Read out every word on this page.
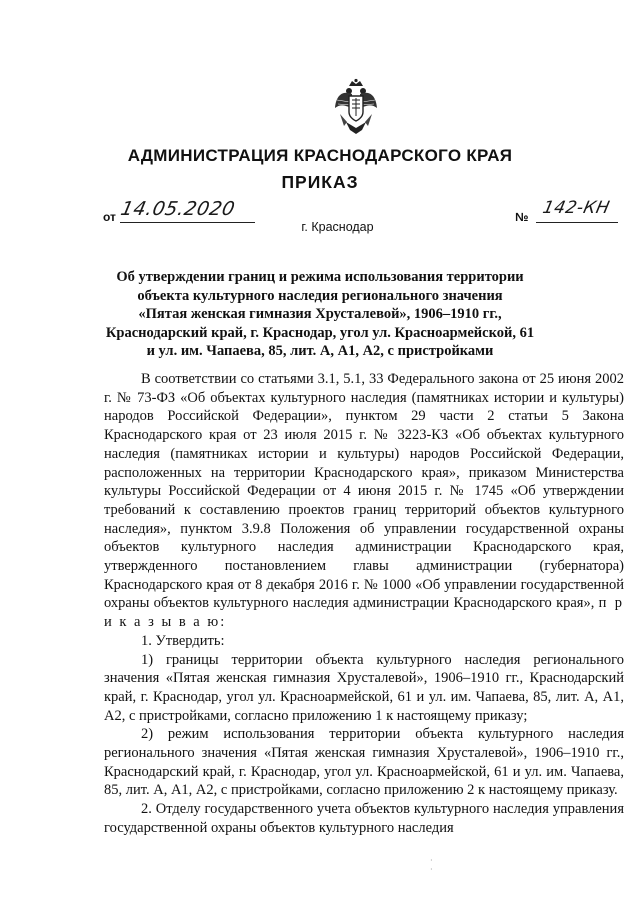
АДМИНИСТРАЦИЯ КРАСНОДАРСКОГО КРАЯ
ПРИКАЗ
от 14.05.2020	№ 142-КН
г. Краснодар
Об утверждении границ и режима использования территории
объекта культурного наследия регионального значения
«Пятая женская гимназия Хрусталевой», 1906–1910 гг.,
Краснодарский край, г. Краснодар, угол ул. Красноармейской, 61
и ул. им. Чапаева, 85, лит. А, А1, А2, с пристройками
В соответствии со статьями 3.1, 5.1, 33 Федерального закона от 25 июня 2002 г. № 73-ФЗ «Об объектах культурного наследия (памятниках истории и культуры) народов Российской Федерации», пунктом 29 части 2 статьи 5 Закона Краснодарского края от 23 июля 2015 г. № 3223-КЗ «Об объектах культурного наследия (памятниках истории и культуры) народов Российской Федерации, расположенных на территории Краснодарского края», приказом Министерства культуры Российской Федерации от 4 июня 2015 г. № 1745 «Об утверждении требований к составлению проектов границ территорий объектов культурного наследия», пунктом 3.9.8 Положения об управлении государственной охраны объектов культурного наследия администрации Краснодарского края, утвержденного постановлением главы администрации (губернатора) Краснодарского края от 8 декабря 2016 г. № 1000 «Об управлении государственной охраны объектов культурного наследия администрации Краснодарского края», п р и к а з ы в а ю:
1. Утвердить:
1) границы территории объекта культурного наследия регионального значения «Пятая женская гимназия Хрусталевой», 1906–1910 гг., Краснодарский край, г. Краснодар, угол ул. Красноармейской, 61 и ул. им. Чапаева, 85, лит. А, А1, А2, с пристройками, согласно приложению 1 к настоящему приказу;
2) режим использования территории объекта культурного наследия регионального значения «Пятая женская гимназия Хрусталевой», 1906–1910 гг., Краснодарский край, г. Краснодар, угол ул. Красноармейской, 61 и ул. им. Чапаева, 85, лит. А, А1, А2, с пристройками, согласно приложению 2 к настоящему приказу.
2. Отделу государственного учета объектов культурного наследия управления государственной охраны объектов культурного наследия
·
·
